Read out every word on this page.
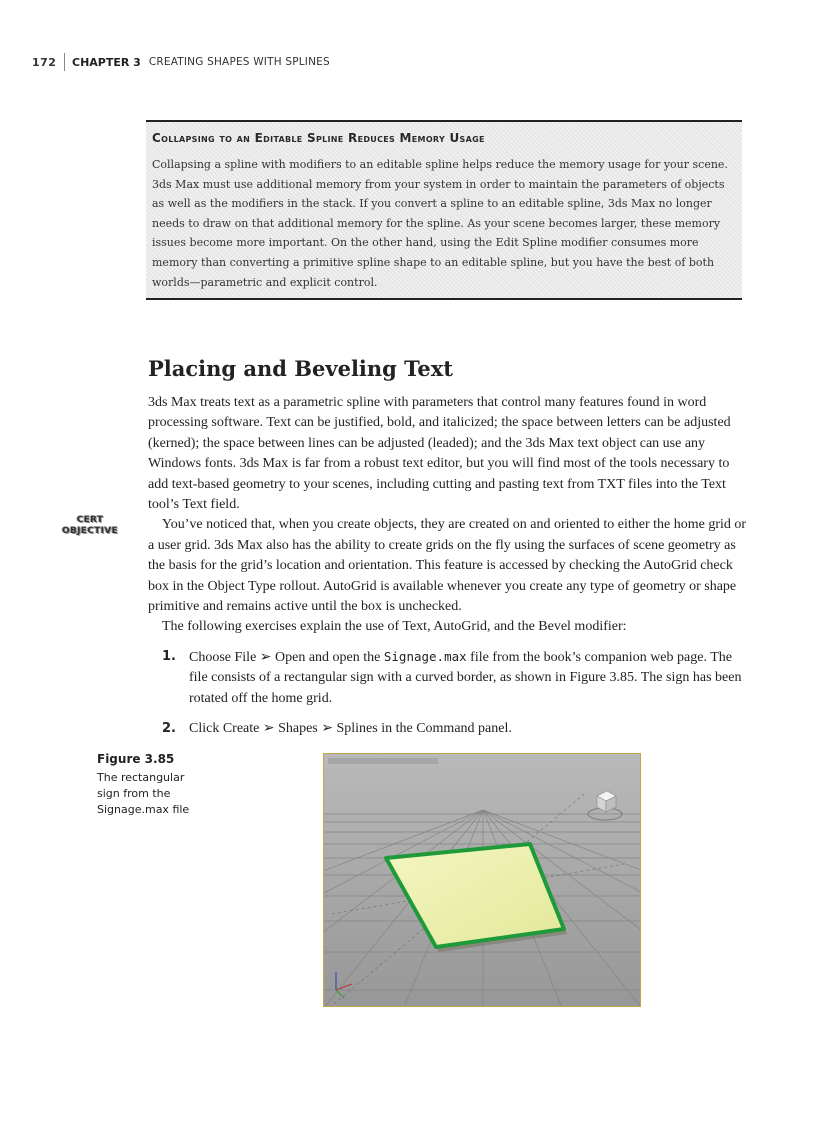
172	CHAPTER 3 CREATING SHAPES WITH SPLINES
Collapsing to an Editable Spline Reduces Memory Usage
Collapsing a spline with modifiers to an editable spline helps reduce the memory usage for your scene. 3ds Max must use additional memory from your system in order to maintain the parameters of objects as well as the modifiers in the stack. If you convert a spline to an editable spline, 3ds Max no longer needs to draw on that additional memory for the spline. As your scene becomes larger, these memory issues become more important. On the other hand, using the Edit Spline modifier consumes more memory than converting a primitive spline shape to an editable spline, but you have the best of both worlds—parametric and explicit control.
Placing and Beveling Text
CERT
OBJECTIVE

3ds Max treats text as a parametric spline with parameters that control many features found in word processing software. Text can be justified, bold, and italicized; the space between letters can be adjusted (kerned); the space between lines can be adjusted (leaded); and the 3ds Max text object can use any Windows fonts. 3ds Max is far from a robust text editor, but you will find most of the tools necessary to add text-based geometry to your scenes, including cutting and pasting text from TXT files into the Text tool’s Text field.

You’ve noticed that, when you create objects, they are created on and oriented to either the home grid or a user grid. 3ds Max also has the ability to create grids on the fly using the surfaces of scene geometry as the basis for the grid’s location and orientation. This feature is accessed by checking the AutoGrid check box in the Object Type rollout. AutoGrid is available whenever you create any type of geometry or shape primitive and remains active until the box is unchecked.

The following exercises explain the use of Text, AutoGrid, and the Bevel modifier:

1. Choose File ➢ Open and open the Signage.max file from the book’s companion web page. The file consists of a rectangular sign with a curved border, as shown in Figure 3.85. The sign has been rotated off the home grid.
2. Click Create ➢ Shapes ➢ Splines in the Command panel.
Figure 3.85
The rectangular sign from the Signage.max file
